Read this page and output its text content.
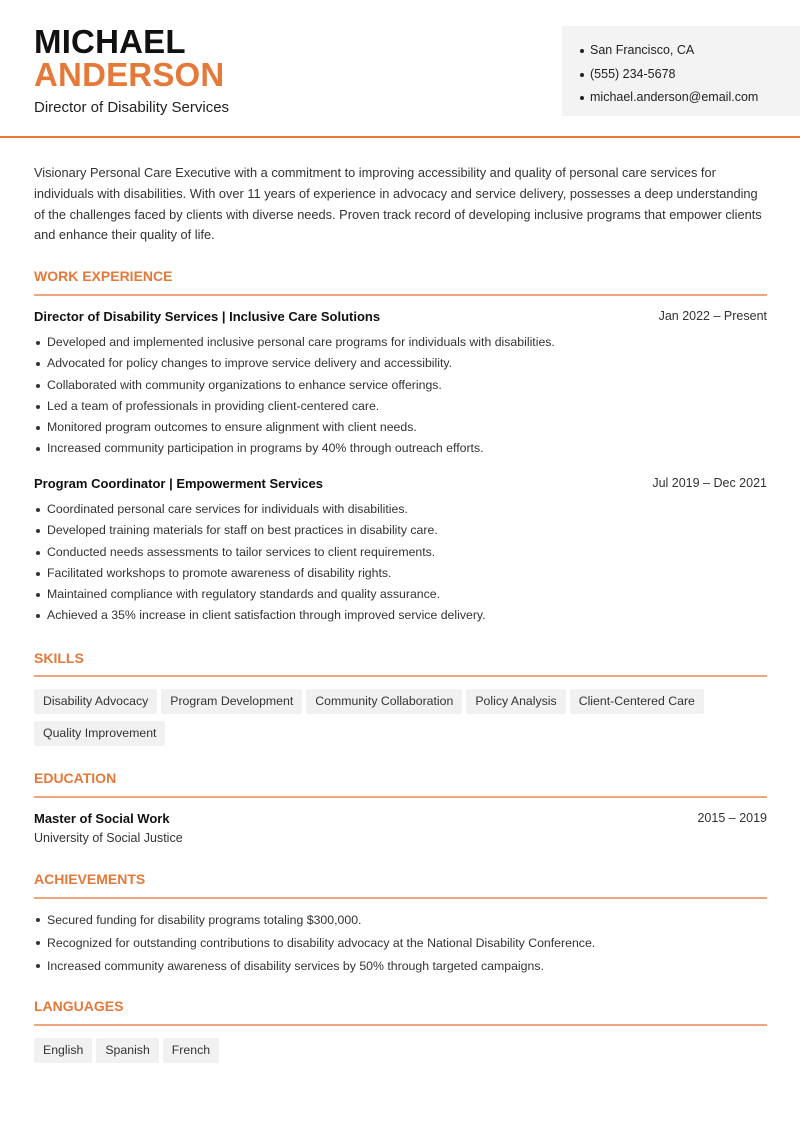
MICHAEL
ANDERSON
Director of Disability Services
San Francisco, CA
(555) 234-5678
michael.anderson@email.com

Visionary Personal Care Executive with a commitment to improving accessibility and quality of personal care services for individuals with disabilities. With over 11 years of experience in advocacy and service delivery, possesses a deep understanding of the challenges faced by clients with diverse needs. Proven track record of developing inclusive programs that empower clients and enhance their quality of life.

WORK EXPERIENCE
Director of Disability Services | Inclusive Care Solutions	Jan 2022 – Present
Developed and implemented inclusive personal care programs for individuals with disabilities.
Advocated for policy changes to improve service delivery and accessibility.
Collaborated with community organizations to enhance service offerings.
Led a team of professionals in providing client-centered care.
Monitored program outcomes to ensure alignment with client needs.
Increased community participation in programs by 40% through outreach efforts.
Program Coordinator | Empowerment Services	Jul 2019 – Dec 2021
Coordinated personal care services for individuals with disabilities.
Developed training materials for staff on best practices in disability care.
Conducted needs assessments to tailor services to client requirements.
Facilitated workshops to promote awareness of disability rights.
Maintained compliance with regulatory standards and quality assurance.
Achieved a 35% increase in client satisfaction through improved service delivery.
SKILLS
Disability Advocacy Program Development Community Collaboration Policy Analysis Client-Centered Care
Quality Improvement
EDUCATION
Master of Social Work	2015 – 2019
University of Social Justice
ACHIEVEMENTS
Secured funding for disability programs totaling $300,000.
Recognized for outstanding contributions to disability advocacy at the National Disability Conference.
Increased community awareness of disability services by 50% through targeted campaigns.
LANGUAGES
English Spanish French
